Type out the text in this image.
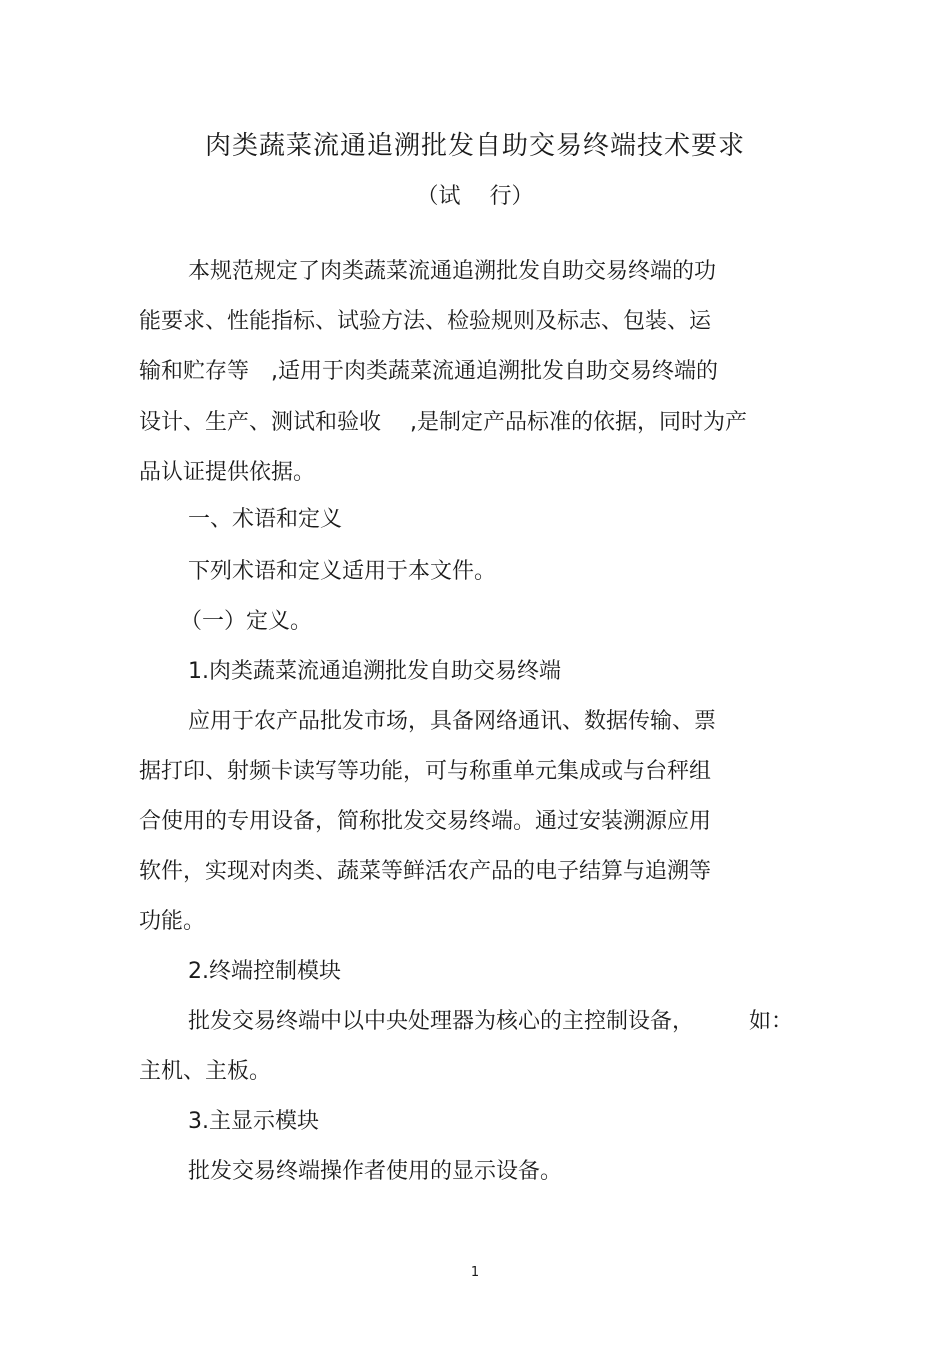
肉类蔬菜流通追溯批发自助交易终端技术要求
（试　 行）
本规范规定了肉类蔬菜流通追溯批发自助交易终端的功
能要求、性能指标、试验方法、检验规则及标志、包装、运
输和贮存等　,适用于肉类蔬菜流通追溯批发自助交易终端的
设计、生产、测试和验收　 ,是制定产品标准的依据，同时为产
品认证提供依据。
一、术语和定义
下列术语和定义适用于本文件。
（一）定义。
1.肉类蔬菜流通追溯批发自助交易终端
应用于农产品批发市场，具备网络通讯、数据传输、票
据打印、射频卡读写等功能，可与称重单元集成或与台秤组
合使用的专用设备，简称批发交易终端。通过安装溯源应用
软件，实现对肉类、蔬菜等鲜活农产品的电子结算与追溯等
功能。
2.终端控制模块
批发交易终端中以中央处理器为核心的主控制设备，　　　如：
主机、主板。
3.主显示模块
批发交易终端操作者使用的显示设备。
1
